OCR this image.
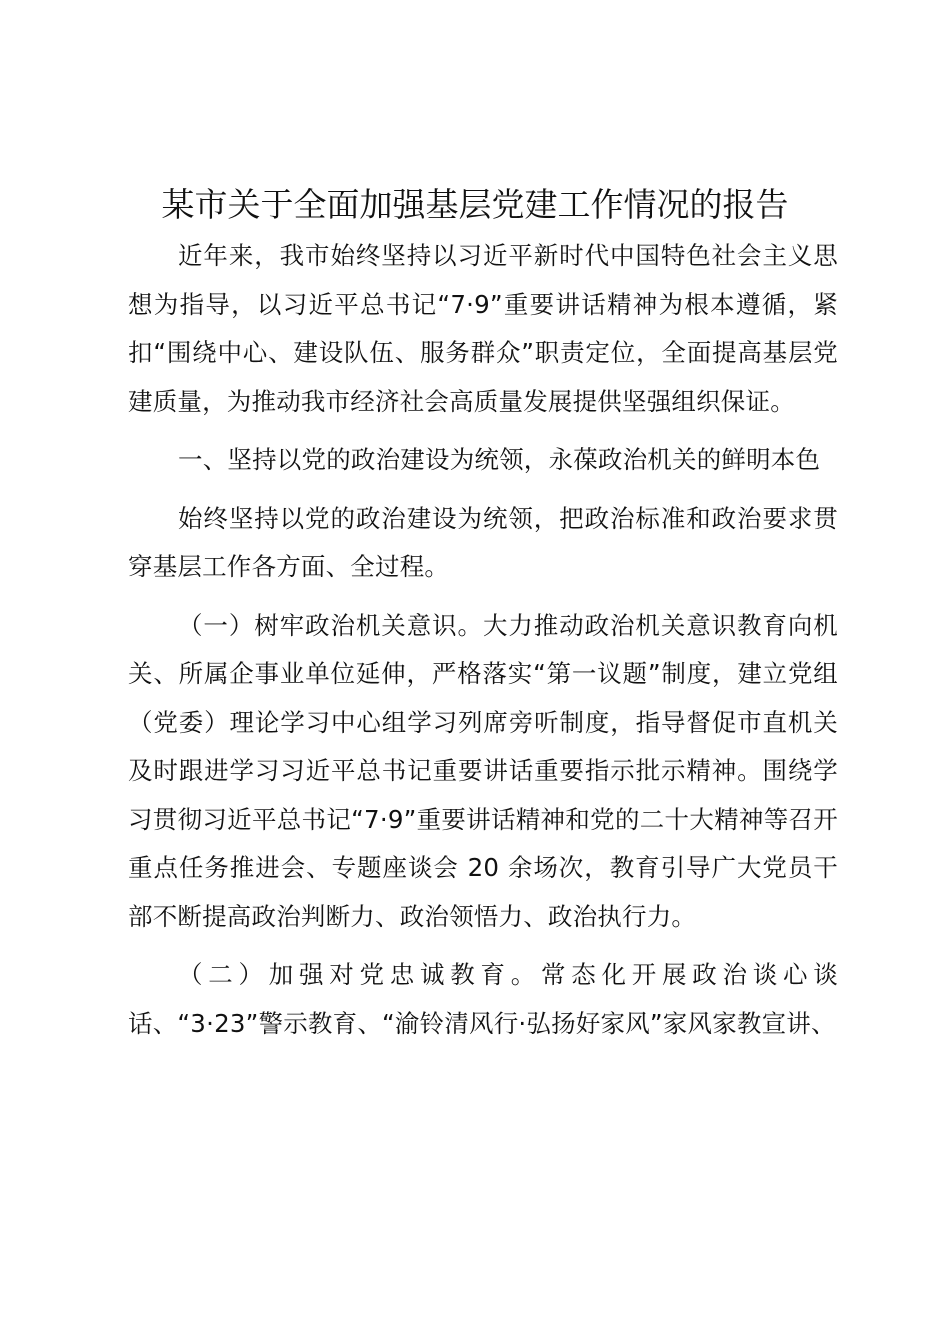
某市关于全面加强基层党建工作情况的报告

近年来，我市始终坚持以习近平新时代中国特色社会主义思想为指导，以习近平总书记“7·9”重要讲话精神为根本遵循，紧扣“围绕中心、建设队伍、服务群众”职责定位，全面提高基层党建质量，为推动我市经济社会高质量发展提供坚强组织保证。

一、坚持以党的政治建设为统领，永葆政治机关的鲜明本色

始终坚持以党的政治建设为统领，把政治标准和政治要求贯穿基层工作各方面、全过程。

（一）树牢政治机关意识。大力推动政治机关意识教育向机关、所属企事业单位延伸，严格落实“第一议题”制度，建立党组（党委）理论学习中心组学习列席旁听制度，指导督促市直机关及时跟进学习习近平总书记重要讲话重要指示批示精神。围绕学习贯彻习近平总书记“7·9”重要讲话精神和党的二十大精神等召开重点任务推进会、专题座谈会 20 余场次，教育引导广大党员干部不断提高政治判断力、政治领悟力、政治执行力。

（二）加强对党忠诚教育。常态化开展政治谈心谈话、“3·23”警示教育、“渝铃清风行·弘扬好家风”家风家教宣讲、
